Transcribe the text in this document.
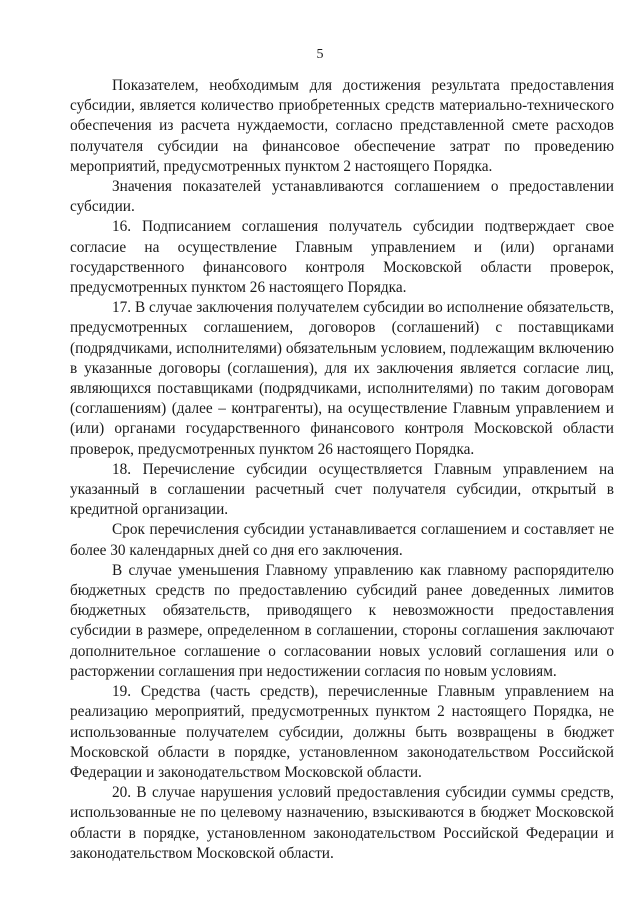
5

Показателем, необходимым для достижения результата предоставления субсидии, является количество приобретенных средств материально-технического обеспечения из расчета нуждаемости, согласно представленной смете расходов получателя субсидии на финансовое обеспечение затрат по проведению мероприятий, предусмотренных пунктом 2 настоящего Порядка.

Значения показателей устанавливаются соглашением о предоставлении субсидии.

16. Подписанием соглашения получатель субсидии подтверждает свое согласие на осуществление Главным управлением и (или) органами государственного финансового контроля Московской области проверок, предусмотренных пунктом 26 настоящего Порядка.

17. В случае заключения получателем субсидии во исполнение обязательств, предусмотренных соглашением, договоров (соглашений) с поставщиками (подрядчиками, исполнителями) обязательным условием, подлежащим включению в указанные договоры (соглашения), для их заключения является согласие лиц, являющихся поставщиками (подрядчиками, исполнителями) по таким договорам (соглашениям) (далее – контрагенты), на осуществление Главным управлением и (или) органами государственного финансового контроля Московской области проверок, предусмотренных пунктом 26 настоящего Порядка.

18. Перечисление субсидии осуществляется Главным управлением на указанный в соглашении расчетный счет получателя субсидии, открытый в кредитной организации.

Срок перечисления субсидии устанавливается соглашением и составляет не более 30 календарных дней со дня его заключения.

В случае уменьшения Главному управлению как главному распорядителю бюджетных средств по предоставлению субсидий ранее доведенных лимитов бюджетных обязательств, приводящего к невозможности предоставления субсидии в размере, определенном в соглашении, стороны соглашения заключают дополнительное соглашение о согласовании новых условий соглашения или о расторжении соглашения при недостижении согласия по новым условиям.

19. Средства (часть средств), перечисленные Главным управлением на реализацию мероприятий, предусмотренных пунктом 2 настоящего Порядка, не использованные получателем субсидии, должны быть возвращены в бюджет Московской области в порядке, установленном законодательством Российской Федерации и законодательством Московской области.

20. В случае нарушения условий предоставления субсидии суммы средств, использованные не по целевому назначению, взыскиваются в бюджет Московской области в порядке, установленном законодательством Российской Федерации и законодательством Московской области.
